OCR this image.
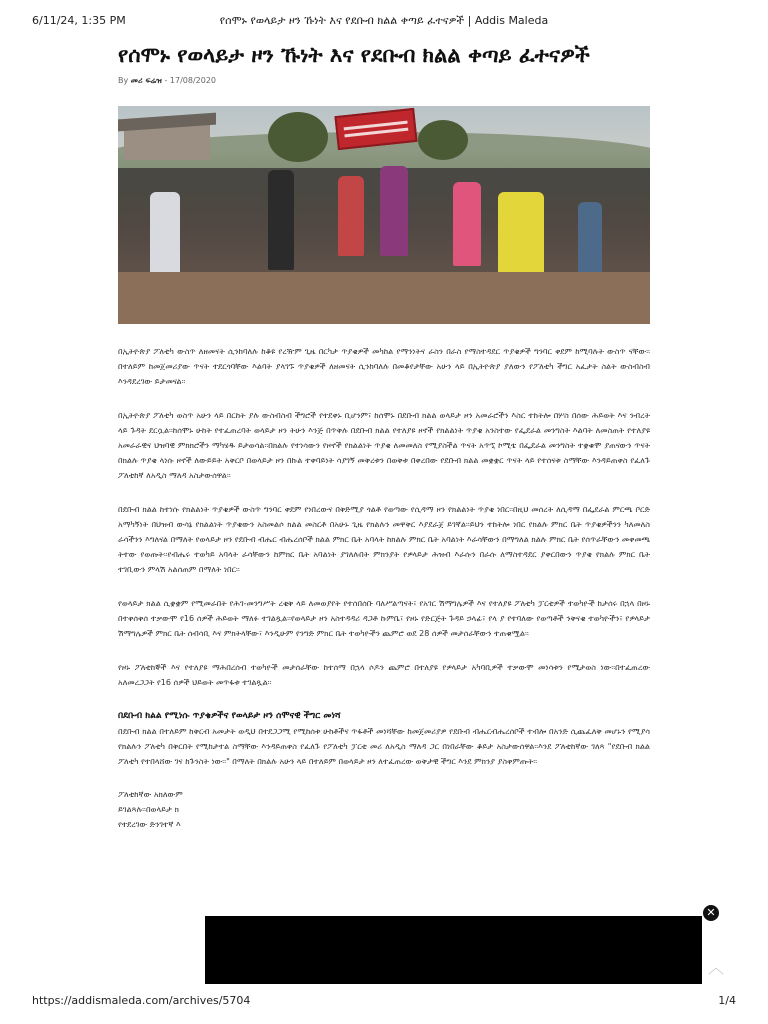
6/11/24, 1:35 PM	የሰሞኑ የወላይታ ዞን ኹነት እና የደቡብ ክልል ቀጣይ ፈተናዎች | Addis Maleda
የሰሞኑ የወላይታ ዞን ኹነት እና የደቡብ ክልል ቀጣይ ፈተናዎች
By መሪ ፍሬዝ - 17/08/2020

በኢትዮጵያ ፖለቲካ ውስጥ ለዘመናት ሲንከባለሉ ከቆዩ የረዥም ጊዜ በርካታ ጥያቄዎች መካከል የማንነትና ራስን በራስ የማስተዳደር ጥያቄዎች ግንባር ቀደም ከሚባሉት ውስጥ ናቸው፡፡በተለይም ከመጀመሪያው ጥናት ተደርጎባቸው እልባት ያላገኙ ጥያቄዎች ለዘመናት ሲንከባለሉ በመቆየታቸው አሁን ላይ በኢትዮጵያ ያለውን የፖለቲካ ችግር አፈታት ስልት ውስብስብ እንዳደረገው ይታመናል፡፡

በኢትዮጵያ ፖለቲካ ወስጥ አሁን ላይ በርከት ያሉ ውስብስብ ችግሮች የተደቀኑ ቢሆንም፣ ከሰሞኑ በደቡብ ክልል ወላይታ ዞን አመራሮችን እስር ተከትሎ በሦስ በሰው ሕይወት እና ንብረት ላይ ጉዳት ደርሷል፡፡ከሰሞኑ ሁከት የተፈጠረባት ወላይታ ዞን ትሁን እንጅ በጥቅሉ በደቡብ ክልል የተለያዩ ዞኖች የክልልነት ጥያቄ አንስተው የፌደራል መንግስት እልባት ለመስጠት የተለያዩ አመራራዊና ህዝባዊ ምክክሮችን ማካሄዱ ይታወሳል፡፡በክልሉ የተነሳውን የዞኖች የክልልነት ጥያቄ ለመመለስ የሚያስችል ጥናት አጥኚ ኮሚቴ በፌደራል መንግስት ተቋቁሞ ያጠናውን ጥናት በክልሉ ጥያቄ ላነሱ ዞኖች ለውይይት አቅርቦ በወላይታ ዞን በኩል ተቀባይነት ሳያገኝ መቅረቱን በወቅቱ በቀረበው የደቡብ ክልል መቋቋር ጥናት ላይ የተሰናቱ ስማቸው እንዳይጠቀስ የፈለጉ ፖለቲከኛ ለአዲስ ማለዳ አስታውሰዋል፡፡

በደቡብ ክልል ከተነሱ የክልልነት ጥያቄዎች ውስጥ ግንባር ቀደም የነበረውና በቅድሚያ ጎልቶ የወጣው የሲዳማ ዞን የክልልነት ጥያቄ ነበር፡፡በዚህ መሰረት ለሲዳማ በፌደራል ምርጫ ቦርድ አማካኝነት በህዝብ ውሳኔ የክልልነት ጥያቄውን አስመልሶ ክልል መስርቶ በአሁኑ ጊዜ የክልሉን መዋቅር እያደራጀ ይገኛል፡፡ይህን ተከትሎ ነበር የክልሉ ምክር ቤት ጥያቄዎችንን ካለመለስ ራሳችንን እግለናል በማለት የወላይታ ዞን የደቡብ ብሔር ብሔረሰቦች ክልል ምክር ቤት አባላት ከክልሉ ምክር ቤት አባልነት እራሳቸውን በማግለል ክልሉ ምክር ቤት የሰጥራቸውን መቀመጫ ትተው የወጡት፡፡የብሔሩ ተወካይ አባላት ራሳቸውን ከምክር ቤት አባልነት ያገለሉበት ምክንያት የዎላይታ ሕዝብ እራሱን በራሱ ለማስተዳደር ያቀርበውን ጥያቄ የክልሉ ምክር ቤት ተገቢውን ምላሽ አልሰጠም በማለት ነበር፡፡

የወላይታ ክልል ሲቋቋም የሚመራበት የሕገ-መንግሥት ረቂቅ ላይ ለመወያየት የተሰበሰቡ ባለሥልጣናት፣ የአገር ሽማግሌዎች እና የተለያዩ ፖለቲካ ፓርቲዎች ተወካዮች ከታሰሩ በኋላ በዞኑ በተቀሰቀሰ ተቃውሞ የ16 ሰዎች ሕይወት ማለፉ ተገልጿል፡፡የወላይታ ዞን አስተዳዳሪ ዳጋቶ ኩምቤ፣ የዞኑ የድርጅት ጉዳይ ኃላፊ፣ የላ ያ የተባለው የወጣቶች ንቅናቄ ተወካዮችን፣ የዎላይታ ሽማግሌዎች ምክር ቤት ሰብሳቢ እና ምክትላቸው፣ እንዲሁም የንግድ ምክር ቤት ተወካዮችን ጨምሮ ወደ 28 ሰዎች መታሰራቸውን ተጠቁሟል፡፡

የዞኑ ፖለቲከኞች እና የተለያዩ ማሕበረሰብ ተወካዮች መታሰራቸው ከተሰማ በኋላ ሶዶን ጨምሮ በተለያዩ የዎላይታ አካባቢዎች ተቃውሞ መነሳቱን የሚታወስ ነው፡፡በተፈጠረው አለመረጋጋት የ16 ሰዎች ህይወት መጥፋቱ ተገልጿል፡፡

በደቡብ ክልል የሚነሱ ጥያቄዎችና የወላይታ ዞን ሰሞናዊ ችግር መነሻ

በደቡብ ክልል በተለይም ከቅርብ አመታት ወዲህ በተደጋጋሚ የሚከሰቱ ሁከቶችና ጥፋቶች መነሻቸው ከመጀመሪያዎ የደቡብ ብሔርብሔረሰቦች ተብሎ በአንድ ሲጨፈለቅ መሆኑን የሚያሳ የክልሉን ፖለቲካ በቅርበት የሚከታተል ስማቸው እንዳይጠቀስ የፈለጉ የፖለቲካ ፓርቲ መሪ ለአዲስ ማለዳ ጋር በነበራቸው ቆይታ አስታውሰዋል፡፡እንደ ፖለቲከኛው ገለጻ "የደቡብ ክልል ፖለቲካ የተበላሸው ገና ከጉንስት ነው፡፡" በማለት በክልሉ አሁን ላይ በተለይም በወላይታ ዞን ለተፈጠረው ወቅታዊ ችግር እንደ ምክንያ ያስቀምጡት፡፡

ፖለቲከኛው አክለውም

ይገልጻሉ፡፡በወላይታ ክ

የተደረገው ድንገተኛ እ

✕
︿
https://addismaleda.com/archives/5704	1/4
